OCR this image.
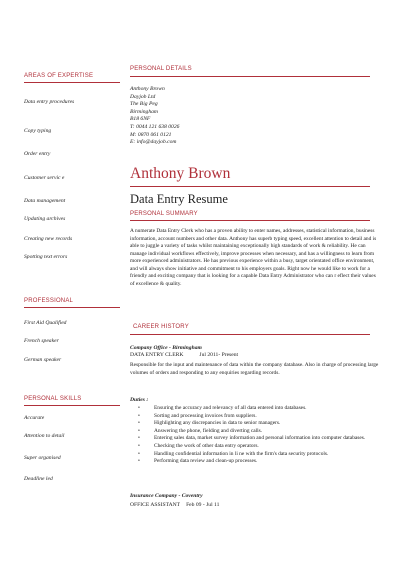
AREAS OF EXPERTISE
Data entry procedures
Copy typing
Order entry
Customer servic e
Data management
Updating archives
Creating new records
Spotting text errors
PROFESSIONAL
First Aid Qualified
French speaker
German speaker
PERSONAL SKILLS
Accurate
Attention to detail
Super organised
Deadline led
PERSONAL DETAILS
Anthony Brown
Dayjob Ltd
The Big Peg
Birmingham
B18 6NF
T: 0044 121 638 0026
M: 0870 061 0121
E: info@dayjob.com
Anthony Brown
Data Entry Resume
PERSONAL SUMMARY
A numerate Data Entry Clerk who has a proven ability to enter names, addresses, statistical information, business information, account numbers and other data. Anthony has superb typing speed, excellent attention to detail and is able to juggle a variety of tasks whilst maintaining exceptionally high standards of work & reliability. He can manage individual workflows effectively, improve processes when necessary, and has a willingness to learn from more experienced administrators. He has previous experience within a busy, target orientated office environment, and will always show initiative and commitment to his employers goals. Right now he would like to work for a friendly and exciting company that is looking for a capable Data Entry Administrator who can r eflect their values of excellence & quality.
CAREER HISTORY
Company Office - Birmingham
DATA ENTRY CLERK	Jul 2011- Present
Responsible for the input and maintenance of data within the company database. Also in charge of processing large volumes of orders and responding to any enquiries regarding records.
Duties :
• Ensuring the accuracy and relevancy of all data entered into databases.
• Sorting and processing invoices from suppliers.
• Highlighting any discrepancies in data to senior managers.
• Answering the phone, fielding and diverting calls.
• Entering sales data, market survey information and personal information into computer databases.
• Checking the work of other data entry operators.
• Handling confidential information in li ne with the firm's data security protocols.
• Performing data review and clean-up processes.
Insurance Company - Coventry
OFFICE ASSISTANT Feb 09 - Jul 11
